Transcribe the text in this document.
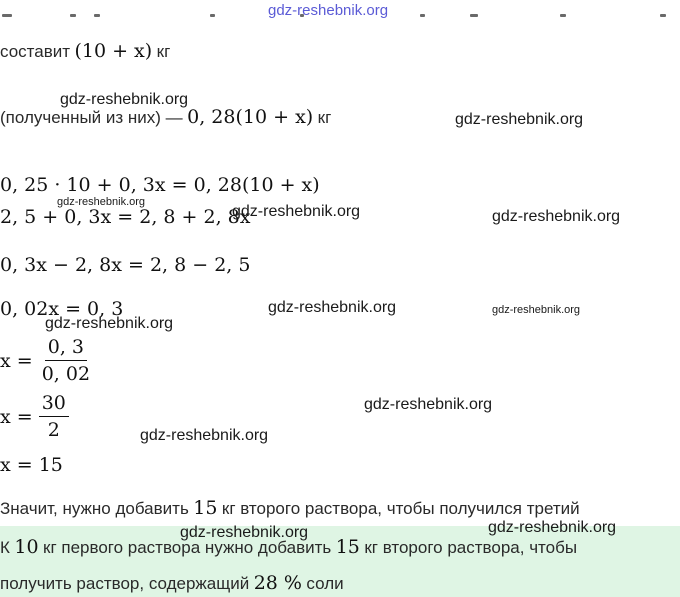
gdz-reshebnik.org
составит (10 + x) кг
(полученный из них) — 0, 28(10 + x) кг
0, 25 · 10 + 0, 3x = 0, 28(10 + x)
2, 5 + 0, 3x = 2, 8 + 2, 8x
0, 3x − 2, 8x = 2, 8 − 2, 5
0, 02x = 0, 3
$x = \frac{0, 3}{0, 02}$
$x = \frac{30}{2}$
x = 15
Значит, нужно добавить 15 кг второго раствора, чтобы получился третий
К 10 кг первого раствора нужно добавить 15 кг второго раствора, чтобы
получить раствор, содержащий 28 % соли
gdz-reshebnik.org
gdz-reshebnik.org
gdz-reshebnik.org
gdz-reshebnik.org	gdz-reshebnik.org
gdz-reshebnik.org	gdz-reshebnik.org
gdz-reshebnik.org
gdz-reshebnik.org
gdz-reshebnik.org
gdz-reshebnik.org	gdz-reshebnik.org
